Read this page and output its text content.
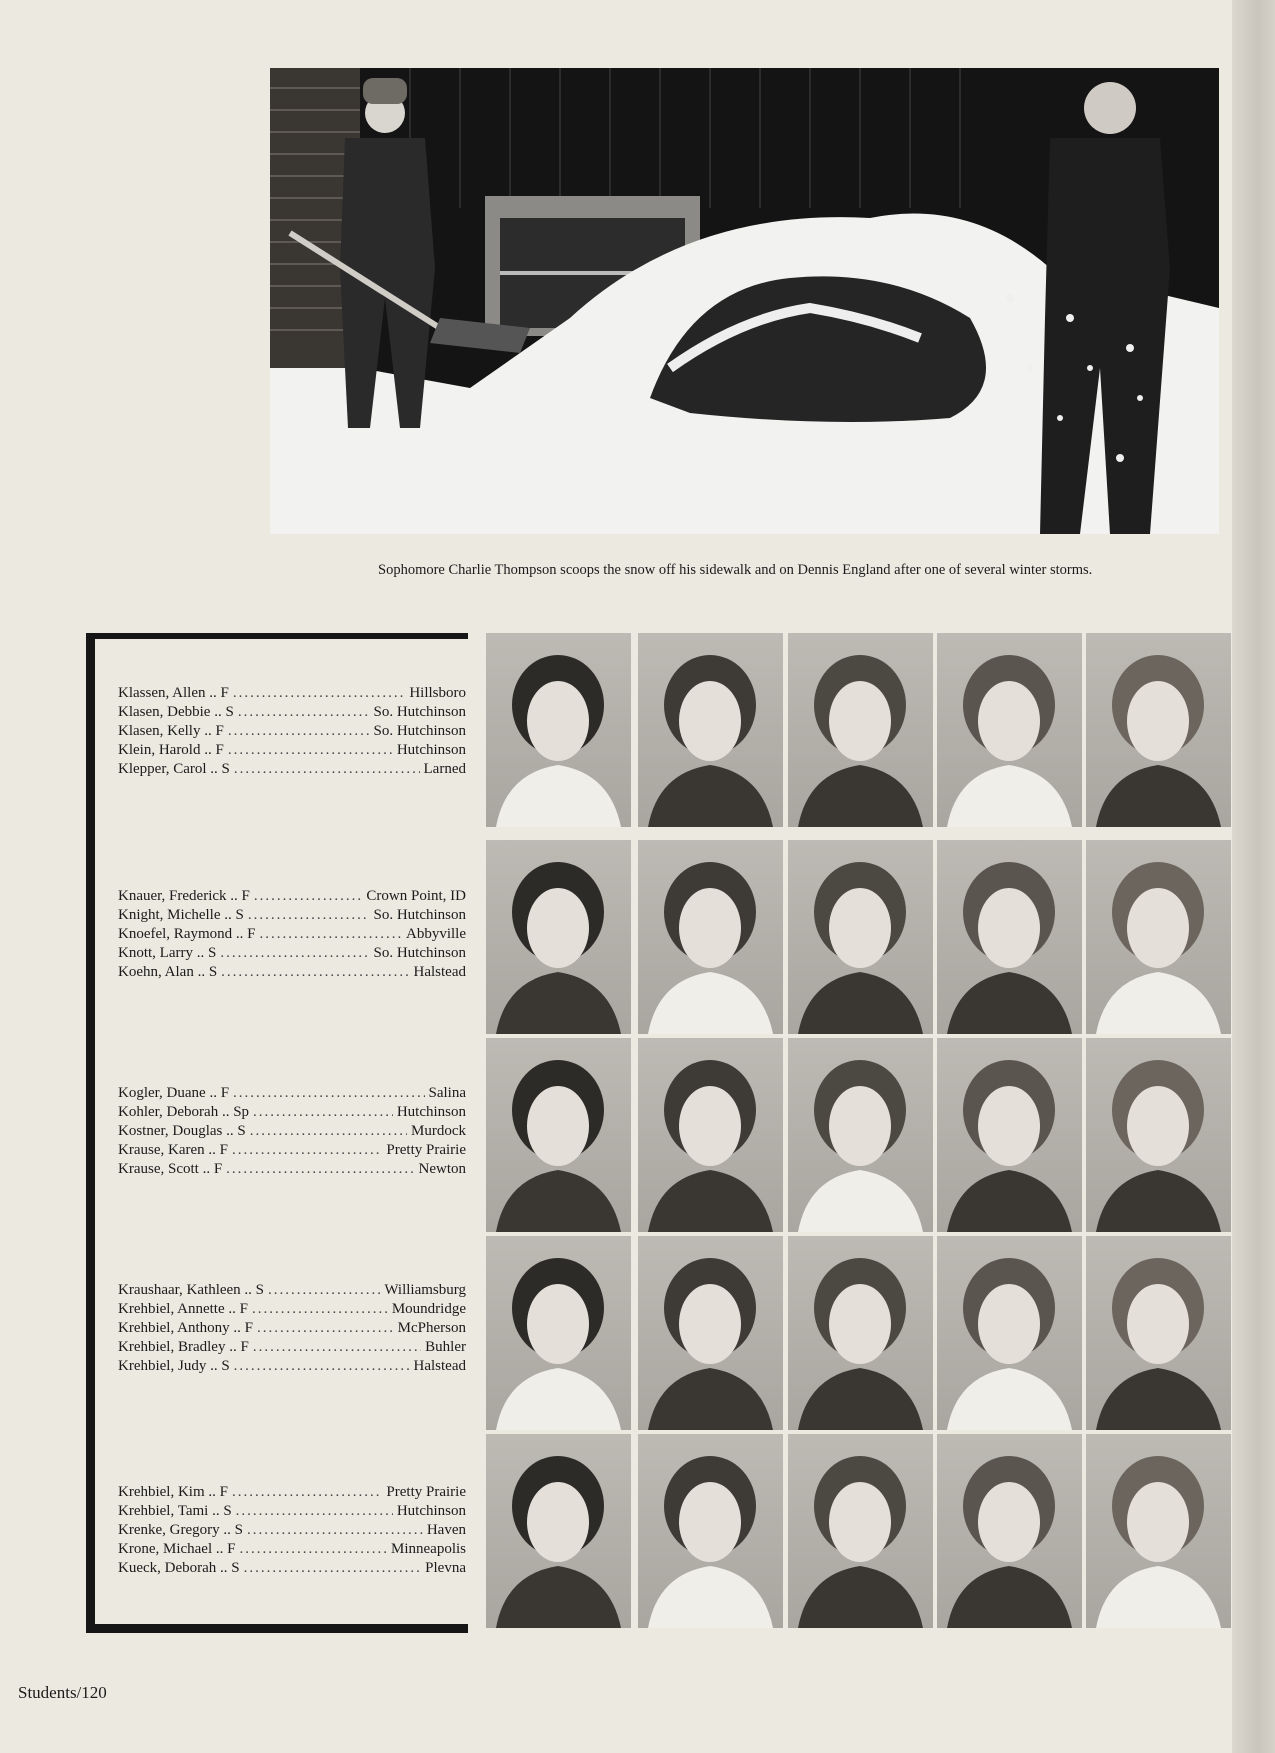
Sophomore Charlie Thompson scoops the snow off his sidewalk and on Dennis England after one of several winter storms.
Klassen, Allen .. F .....	Hillsboro
Klasen, Debbie .. S .....	So. Hutchinson
Klasen, Kelly .. F .....	So. Hutchinson
Klein, Harold .. F .....	Hutchinson
Klepper, Carol .. S .....	Larned
Knauer, Frederick .. F .....	Crown Point, ID
Knight, Michelle .. S .....	So. Hutchinson
Knoefel, Raymond .. F .....	Abbyville
Knott, Larry .. S .....	So. Hutchinson
Koehn, Alan .. S .....	Halstead
Kogler, Duane .. F .....	Salina
Kohler, Deborah .. Sp .....	Hutchinson
Kostner, Douglas .. S .....	Murdock
Krause, Karen .. F .....	Pretty Prairie
Krause, Scott .. F .....	Newton
Kraushaar, Kathleen .. S .....	Williamsburg
Krehbiel, Annette .. F .....	Moundridge
Krehbiel, Anthony .. F .....	McPherson
Krehbiel, Bradley .. F .....	Buhler
Krehbiel, Judy .. S .....	Halstead
Krehbiel, Kim .. F .....	Pretty Prairie
Krehbiel, Tami .. S .....	Hutchinson
Krenke, Gregory .. S .....	Haven
Krone, Michael .. F .....	Minneapolis
Kueck, Deborah .. S .....	Plevna
Students/120
